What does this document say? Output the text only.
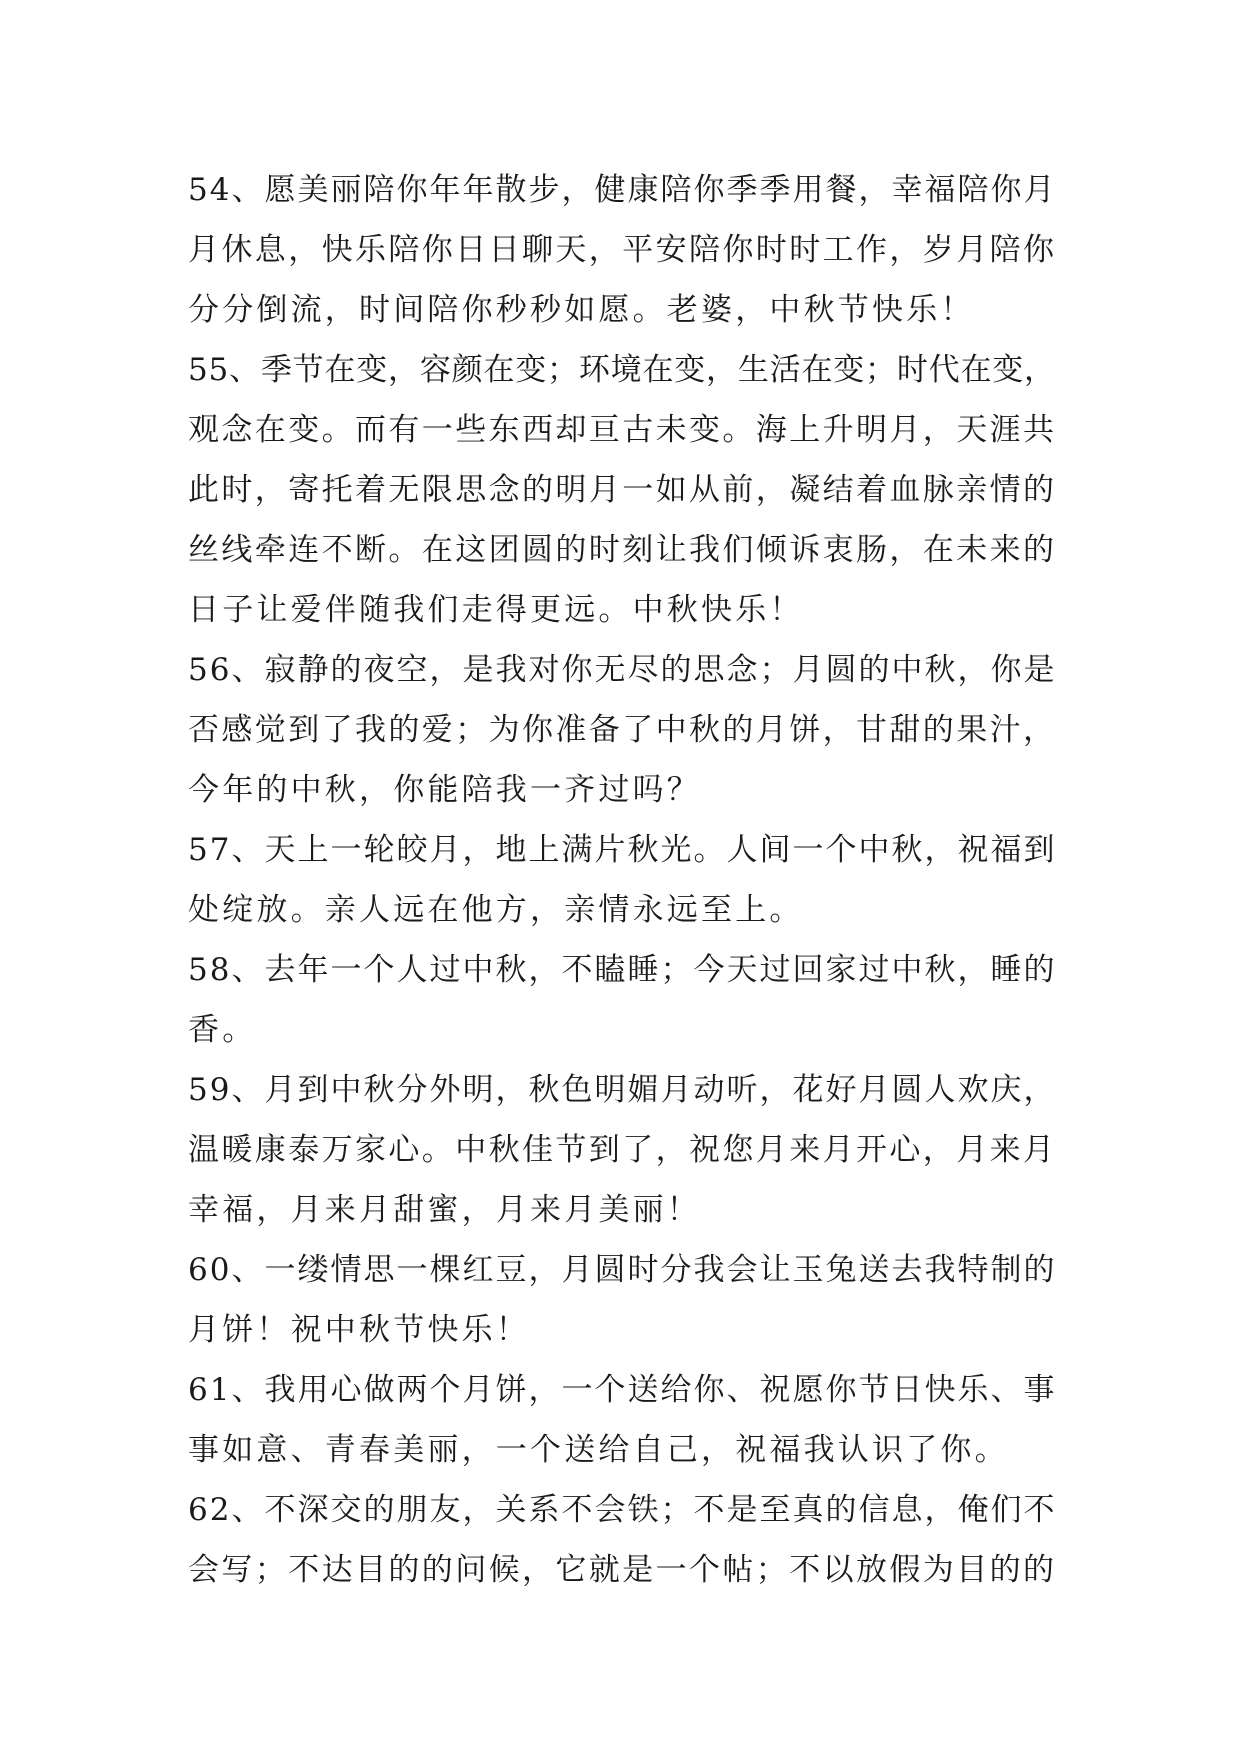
54、愿美丽陪你年年散步，健康陪你季季用餐，幸福陪你月
月休息，快乐陪你日日聊天，平安陪你时时工作，岁月陪你
分分倒流，时间陪你秒秒如愿。老婆，中秋节快乐！

55、季节在变，容颜在变；环境在变，生活在变；时代在变，
观念在变。而有一些东西却亘古未变。海上升明月，天涯共
此时，寄托着无限思念的明月一如从前，凝结着血脉亲情的
丝线牵连不断。在这团圆的时刻让我们倾诉衷肠，在未来的
日子让爱伴随我们走得更远。中秋快乐！

56、寂静的夜空，是我对你无尽的思念；月圆的中秋，你是
否感觉到了我的爱；为你准备了中秋的月饼，甘甜的果汁，
今年的中秋，你能陪我一齐过吗？

57、天上一轮皎月，地上满片秋光。人间一个中秋，祝福到
处绽放。亲人远在他方，亲情永远至上。

58、去年一个人过中秋，不瞌睡；今天过回家过中秋，睡的
香。

59、月到中秋分外明，秋色明媚月动听，花好月圆人欢庆，
温暖康泰万家心。中秋佳节到了，祝您月来月开心，月来月
幸福，月来月甜蜜，月来月美丽！

60、一缕情思一棵红豆，月圆时分我会让玉兔送去我特制的
月饼！祝中秋节快乐！

61、我用心做两个月饼，一个送给你、祝愿你节日快乐、事
事如意、青春美丽，一个送给自己，祝福我认识了你。

62、不深交的朋友，关系不会铁；不是至真的信息，俺们不
会写；不达目的的问候，它就是一个帖；不以放假为目的的
